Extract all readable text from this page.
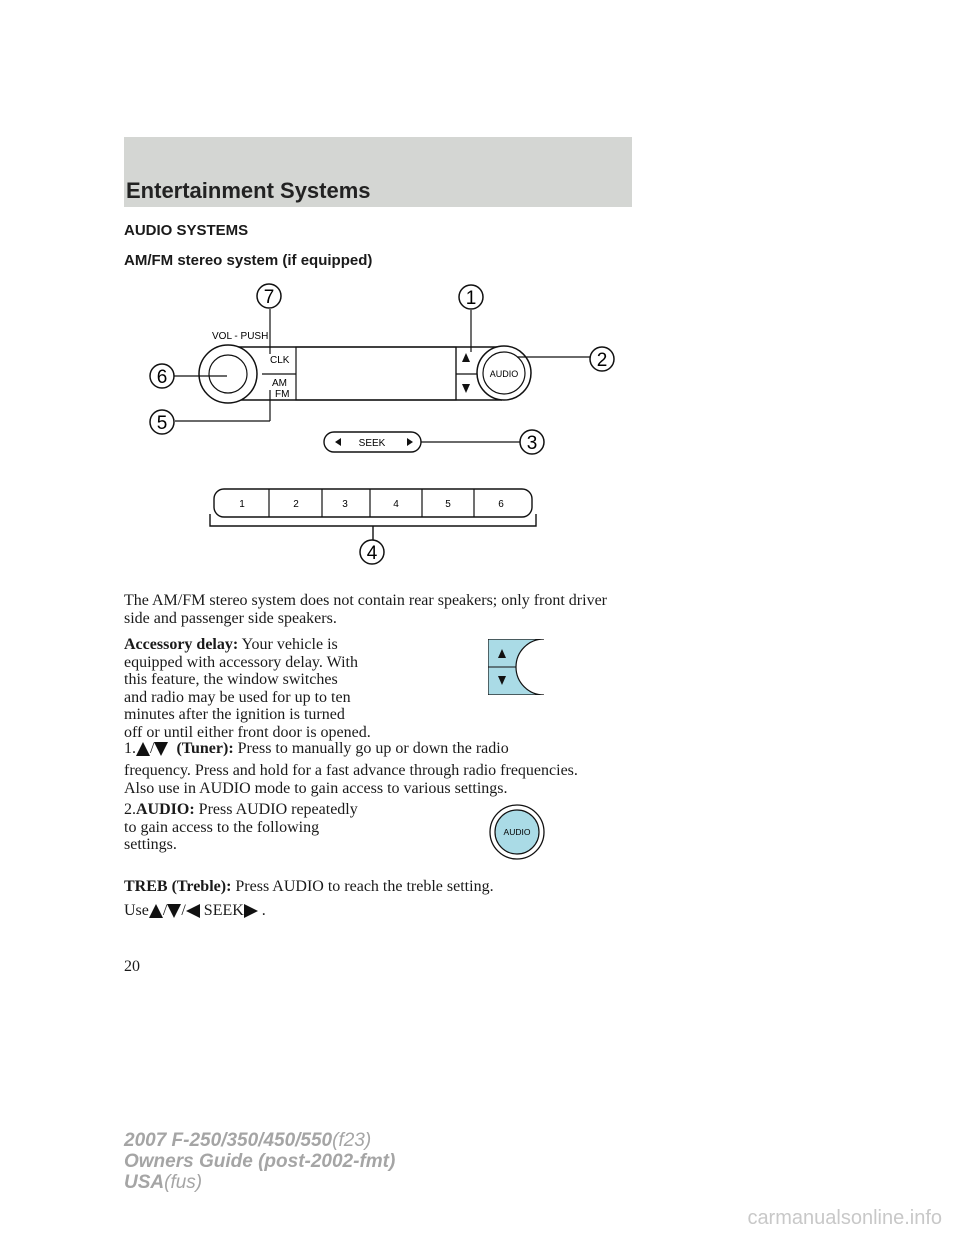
Entertainment Systems
AUDIO SYSTEMS
AM/FM stereo system (if equipped)
AUDIO
VOL - PUSH
CLK
AM
FM
SEEK
1	2	3	4	5	6
7	1
2
6
5
3
4
The AM/FM stereo system does not contain rear speakers; only front driver side and passenger side speakers.
Accessory delay: Your vehicle is
equipped with accessory delay. With
this feature, the window switches
and radio may be used for up to ten
minutes after the ignition is turned
off or until either front door is opened.
1. / (Tuner): Press to manually go up or down the radio
frequency. Press and hold for a fast advance through radio frequencies.
Also use in AUDIO mode to gain access to various settings.
2.AUDIO: Press AUDIO repeatedly
to gain access to the following
settings.
AUDIO
TREB (Treble): Press AUDIO to reach the treble setting.
Use / / SEEK .
20
2007 F-250/350/450/550(f23)
Owners Guide (post-2002-fmt)
USA(fus)
carmanualsonline.info
